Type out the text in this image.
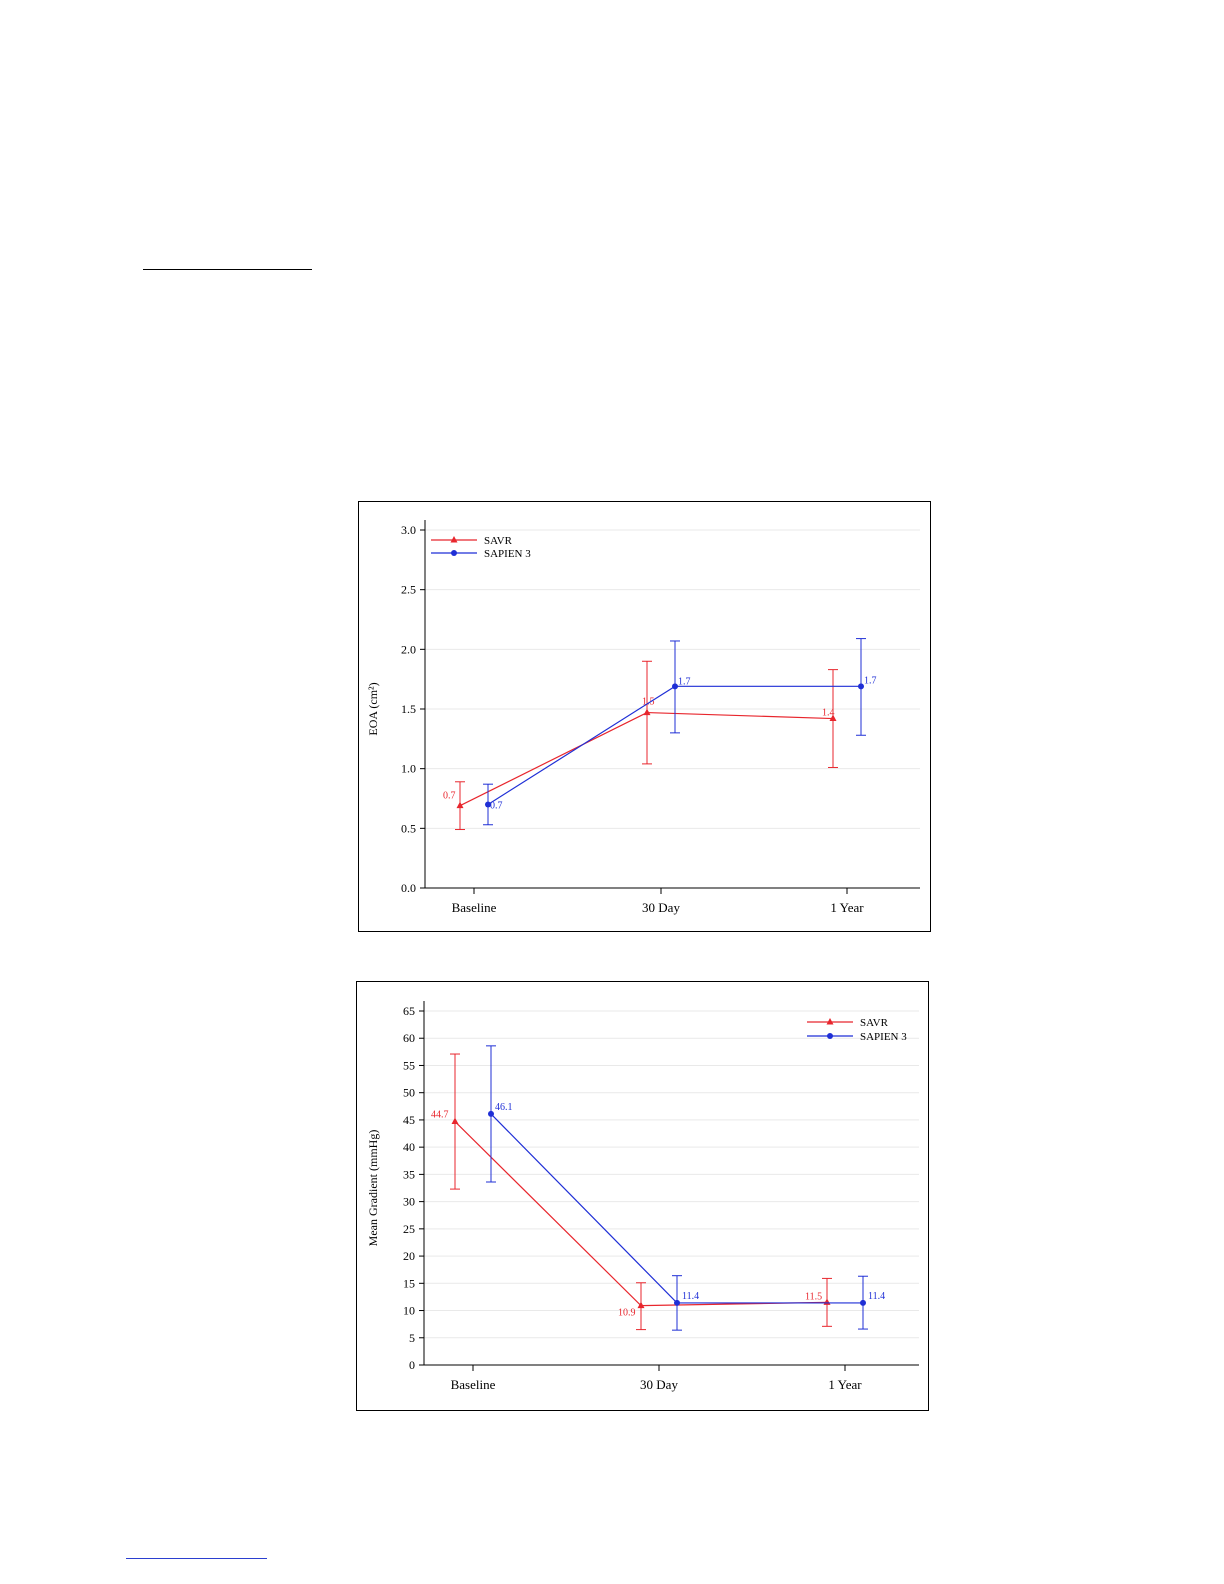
0.0
0.5
1.0
1.5
2.0
2.5
3.0
Baseline	30 Day	1 Year
EOA (cm²)
0.7
1.5
1.4
0.7
1.7	1.7
SAVR
SAPIEN 3
0
5
10
15
20
25
30
35
40
45
50
55
60
65
Baseline	30 Day	1 Year
Mean Gradient (mmHg)
44.7
10.9
11.5
46.1
11.4	11.4
SAVR
SAPIEN 3
